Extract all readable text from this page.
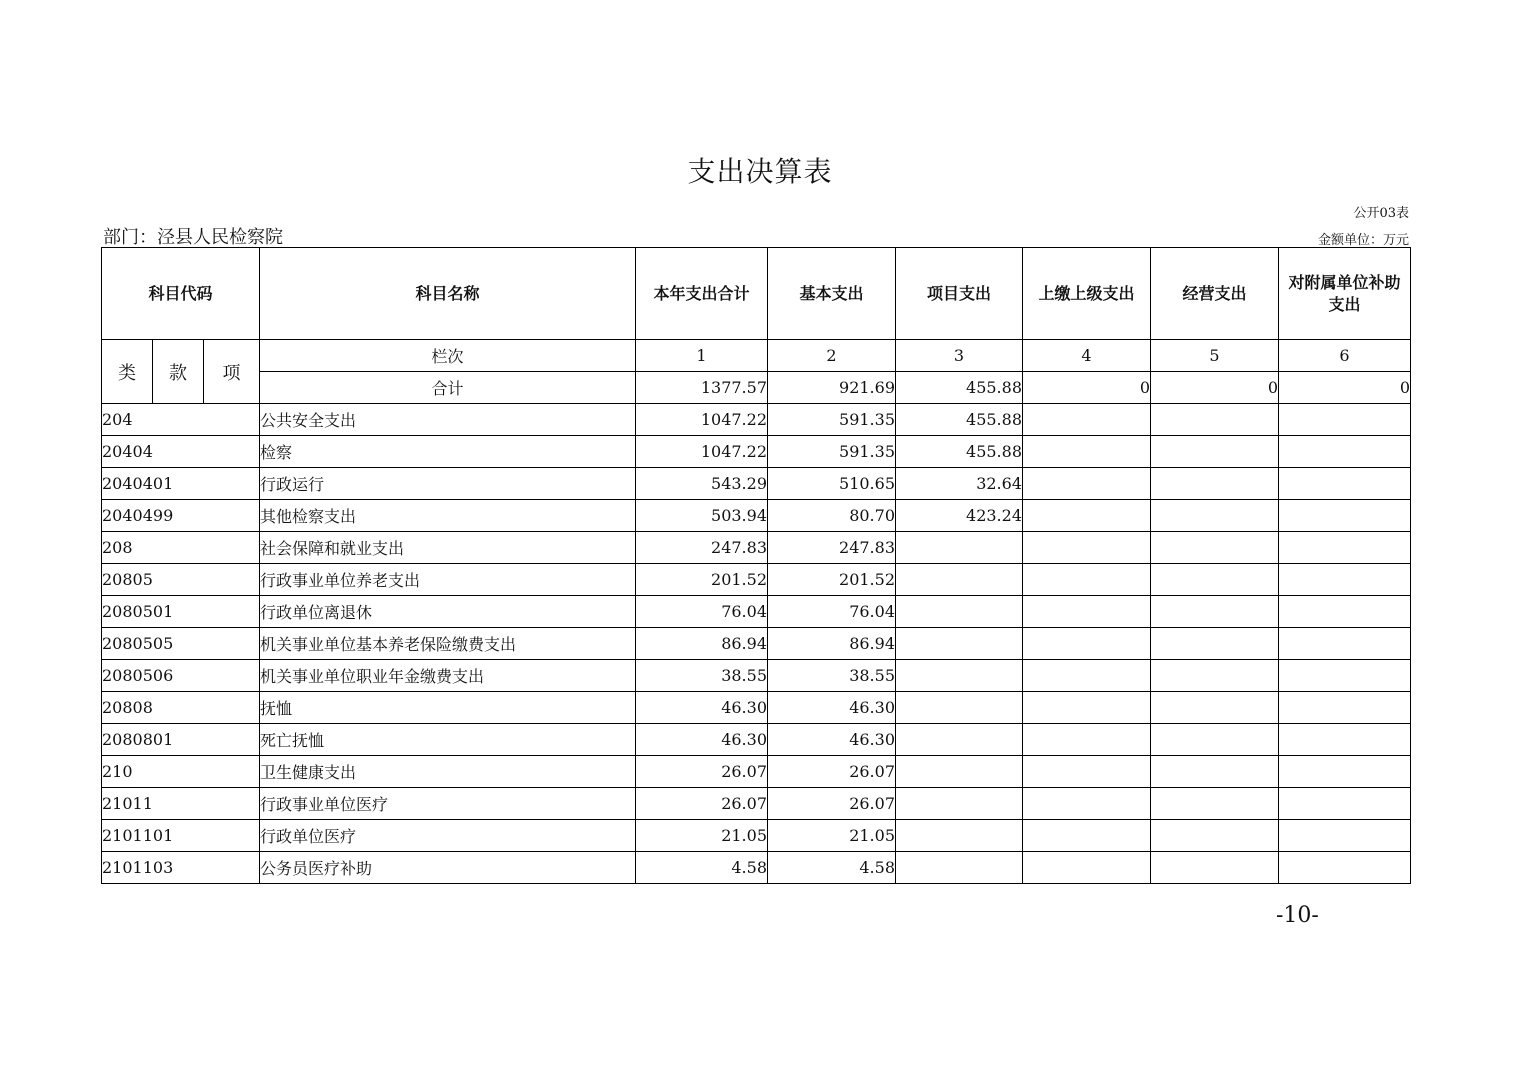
支出决算表
公开03表
部门：泾县人民检察院	金额单位：万元
科目代码			科目名称	本年支出合计	基本支出	项目支出	上缴上级支出	经营支出	对附属单位补助支出
类	款	项	栏次	1	2	3	4	5	6
			合计	1377.57	921.69	455.88	0	0	0
204			公共安全支出	1047.22	591.35	455.88			
20404			检察	1047.22	591.35	455.88			
2040401			行政运行	543.29	510.65	32.64			
2040499			其他检察支出	503.94	80.70	423.24			
208			社会保障和就业支出	247.83	247.83				
20805			行政事业单位养老支出	201.52	201.52				
2080501			行政单位离退休	76.04	76.04				
2080505			机关事业单位基本养老保险缴费支出	86.94	86.94				
2080506			机关事业单位职业年金缴费支出	38.55	38.55				
20808			抚恤	46.30	46.30				
2080801			死亡抚恤	46.30	46.30				
210			卫生健康支出	26.07	26.07				
21011			行政事业单位医疗	26.07	26.07				
2101101			行政单位医疗	21.05	21.05				
2101103			公务员医疗补助	4.58	4.58				
-10-
